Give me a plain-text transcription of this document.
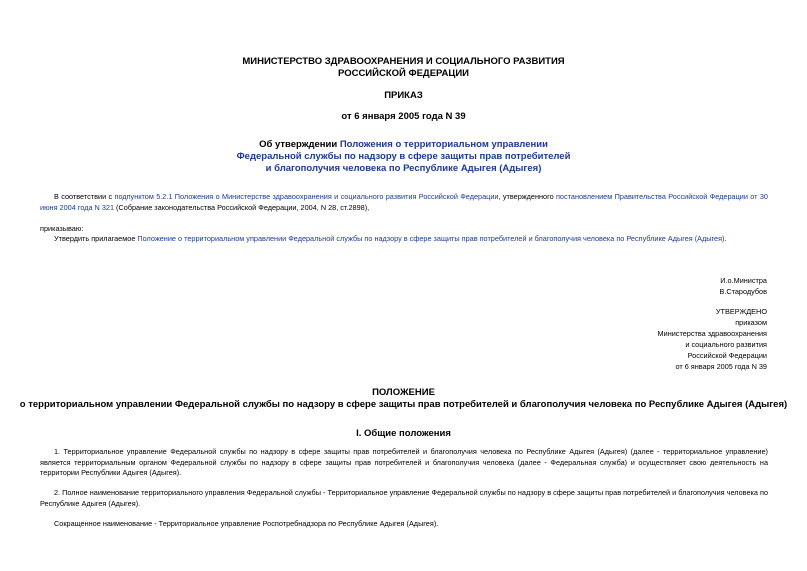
МИНИСТЕРСТВО ЗДРАВООХРАНЕНИЯ И СОЦИАЛЬНОГО РАЗВИТИЯ
РОССИЙСКОЙ ФЕДЕРАЦИИ
ПРИКАЗ
от 6 января 2005 года N 39
Об утверждении Положения о территориальном управлении
Федеральной службы по надзору в сфере защиты прав потребителей
и благополучия человека по Республике Адыгея (Адыгея)
В соответствии с подпунктом 5.2.1 Положения о Министерстве здравоохранения и социального развития Российской Федерации, утвержденного постановлением Правительства Российской Федерации от 30 июня 2004 года N 321 (Собрание законодательства Российской Федерации, 2004, N 28, ст.2898),
приказываю:
Утвердить прилагаемое Положение о территориальном управлении Федеральной службы по надзору в сфере защиты прав потребителей и благополучия человека по Республике Адыгея (Адыгея).
И.о.Министра
В.Стародубов
УТВЕРЖДЕНО
приказом
Министерства здравоохранения
и социального развития
Российской Федерации
от 6 января 2005 года N 39
ПОЛОЖЕНИЕ
о территориальном управлении Федеральной службы по надзору в сфере защиты прав потребителей и благополучия человека по Республике Адыгея (Адыгея)
I. Общие положения
1. Территориальное управление Федеральной службы по надзору в сфере защиты прав потребителей и благополучия человека по Республике Адыгея (Адыгея) (далее - территориальное управление) является территориальным органом Федеральной службы по надзору в сфере защиты прав потребителей и благополучия человека (далее - Федеральная служба) и осуществляет свою деятельность на территории Республики Адыгея (Адыгея).
2. Полное наименование территориального управления Федеральной службы - Территориальное управление Федеральной службы по надзору в сфере защиты прав потребителей и благополучия человека по Республике Адыгея (Адыгея).
Сокращенное наименование - Территориальное управление Роспотребнадзора по Республике Адыгея (Адыгея).
